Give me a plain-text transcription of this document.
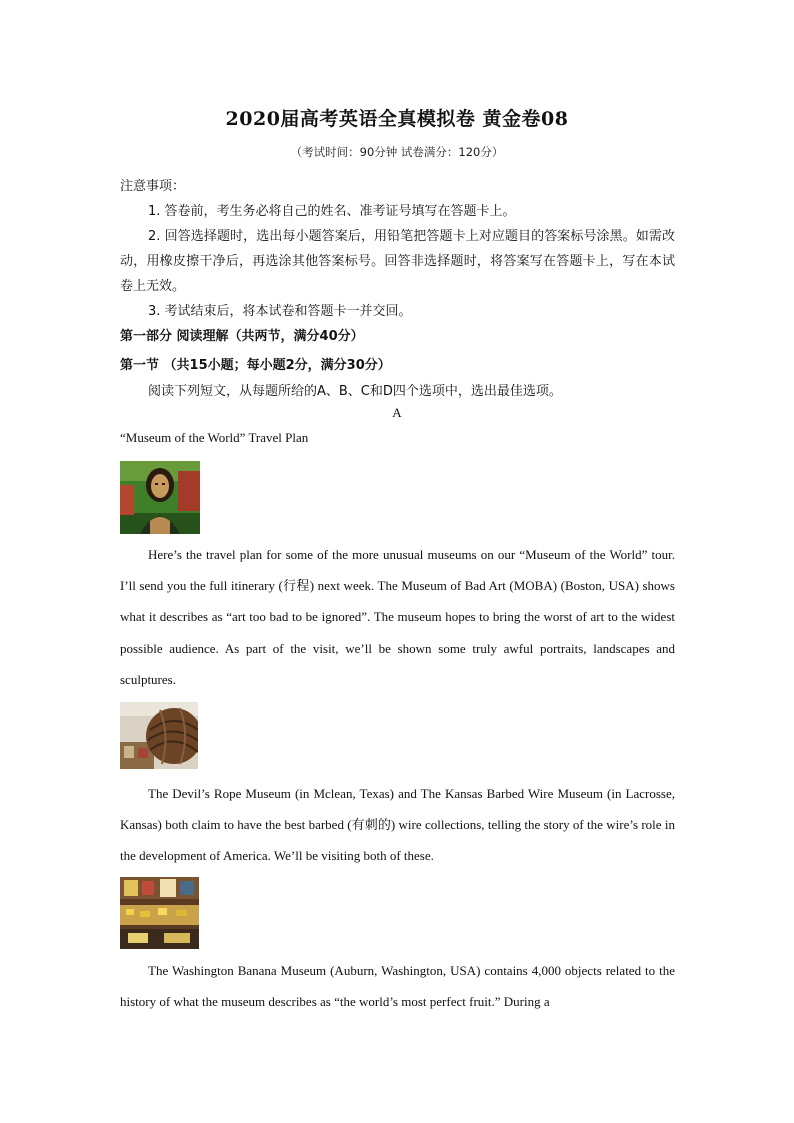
2020届高考英语全真模拟卷 黄金卷08
（考试时间：90分钟 试卷满分：120分）
注意事项：
1. 答卷前，考生务必将自己的姓名、准考证号填写在答题卡上。
2. 回答选择题时，选出每小题答案后，用铅笔把答题卡上对应题目的答案标号涂黑。如需改动，用橡皮擦干净后，再选涂其他答案标号。回答非选择题时，将答案写在答题卡上，写在本试卷上无效。
3. 考试结束后，将本试卷和答题卡一并交回。
第一部分 阅读理解（共两节，满分40分）
第一节 （共15小题；每小题2分，满分30分）
阅读下列短文，从每题所给的A、B、C和D四个选项中，选出最佳选项。
A
“Museum of the World” Travel Plan
Here’s the travel plan for some of the more unusual museums on our “Museum of the World” tour. I’ll send you the full itinerary (行程) next week. The Museum of Bad Art (MOBA) (Boston, USA) shows what it describes as “art too bad to be ignored”. The museum hopes to bring the worst of art to the widest possible audience. As part of the visit, we’ll be shown some truly awful portraits, landscapes and sculptures.
The Devil’s Rope Museum (in Mclean, Texas) and The Kansas Barbed Wire Museum (in Lacrosse, Kansas) both claim to have the best barbed (有刺的) wire collections, telling the story of the wire’s role in the development of America. We’ll be visiting both of these.
The Washington Banana Museum (Auburn, Washington, USA) contains 4,000 objects related to the history of what the museum describes as “the world’s most perfect fruit.” During a
